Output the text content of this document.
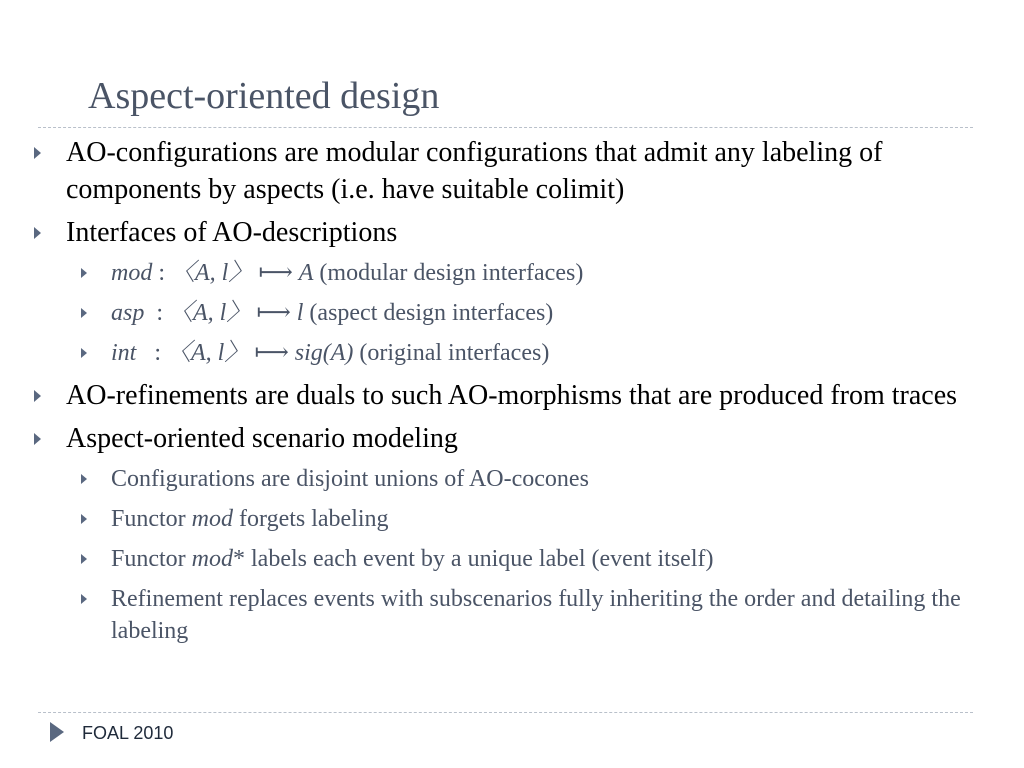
Aspect-oriented design
AO-configurations are modular configurations that admit any labeling of components by aspects (i.e. have suitable colimit)
Interfaces of AO-descriptions
mod : 〈A, l〉 ⟼ A (modular design interfaces)
asp  : 〈A, l〉 ⟼ l (aspect design interfaces)
int   : 〈A, l〉 ⟼ sig(A) (original interfaces)
AO-refinements are duals to such AO-morphisms that are produced from traces
Aspect-oriented scenario modeling
Configurations are disjoint unions of AO-cocones
Functor mod forgets labeling
Functor mod* labels each event by a unique label (event itself)
Refinement replaces events with subscenarios fully inheriting the order and detailing the labeling
FOAL 2010
